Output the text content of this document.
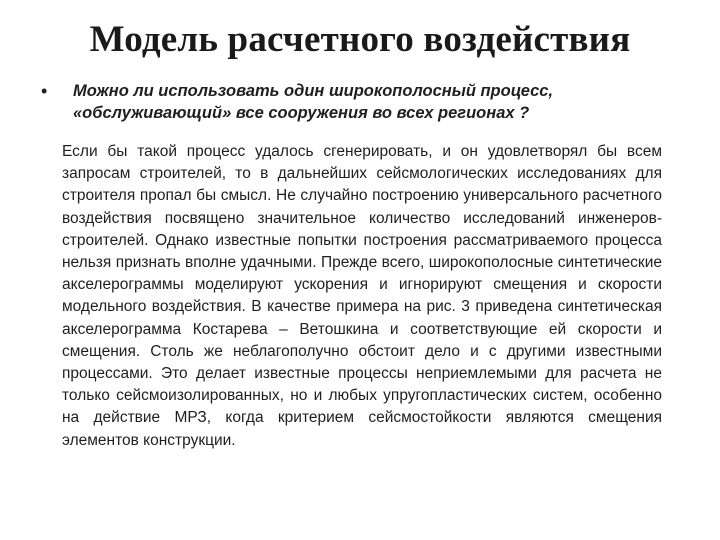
Модель расчетного воздействия
• Можно ли использовать один широкополосный процесс, «обслуживающий» все сооружения во всех регионах ?

Если бы такой процесс удалось сгенерировать, и он удовлетворял бы всем запросам строителей, то в дальнейших сейсмологических исследованиях для строителя пропал бы смысл. Не случайно построению универсального расчетного воздействия посвящено значительное количество исследований инженеров-строителей. Однако известные попытки построения рассматриваемого процесса нельзя признать вполне удачными. Прежде всего, широкополосные синтетические акселерограммы моделируют ускорения и игнорируют смещения и скорости модельного воздействия. В качестве примера на рис. 3 приведена синтетическая акселерограмма Костарева – Ветошкина и соответствующие ей скорости и смещения. Столь же неблагополучно обстоит дело и с другими известными процессами. Это делает известные процессы неприемлемыми для расчета не только сейсмоизолированных, но и любых упругопластических систем, особенно на действие МРЗ, когда критерием сейсмостойкости являются смещения элементов конструкции.
